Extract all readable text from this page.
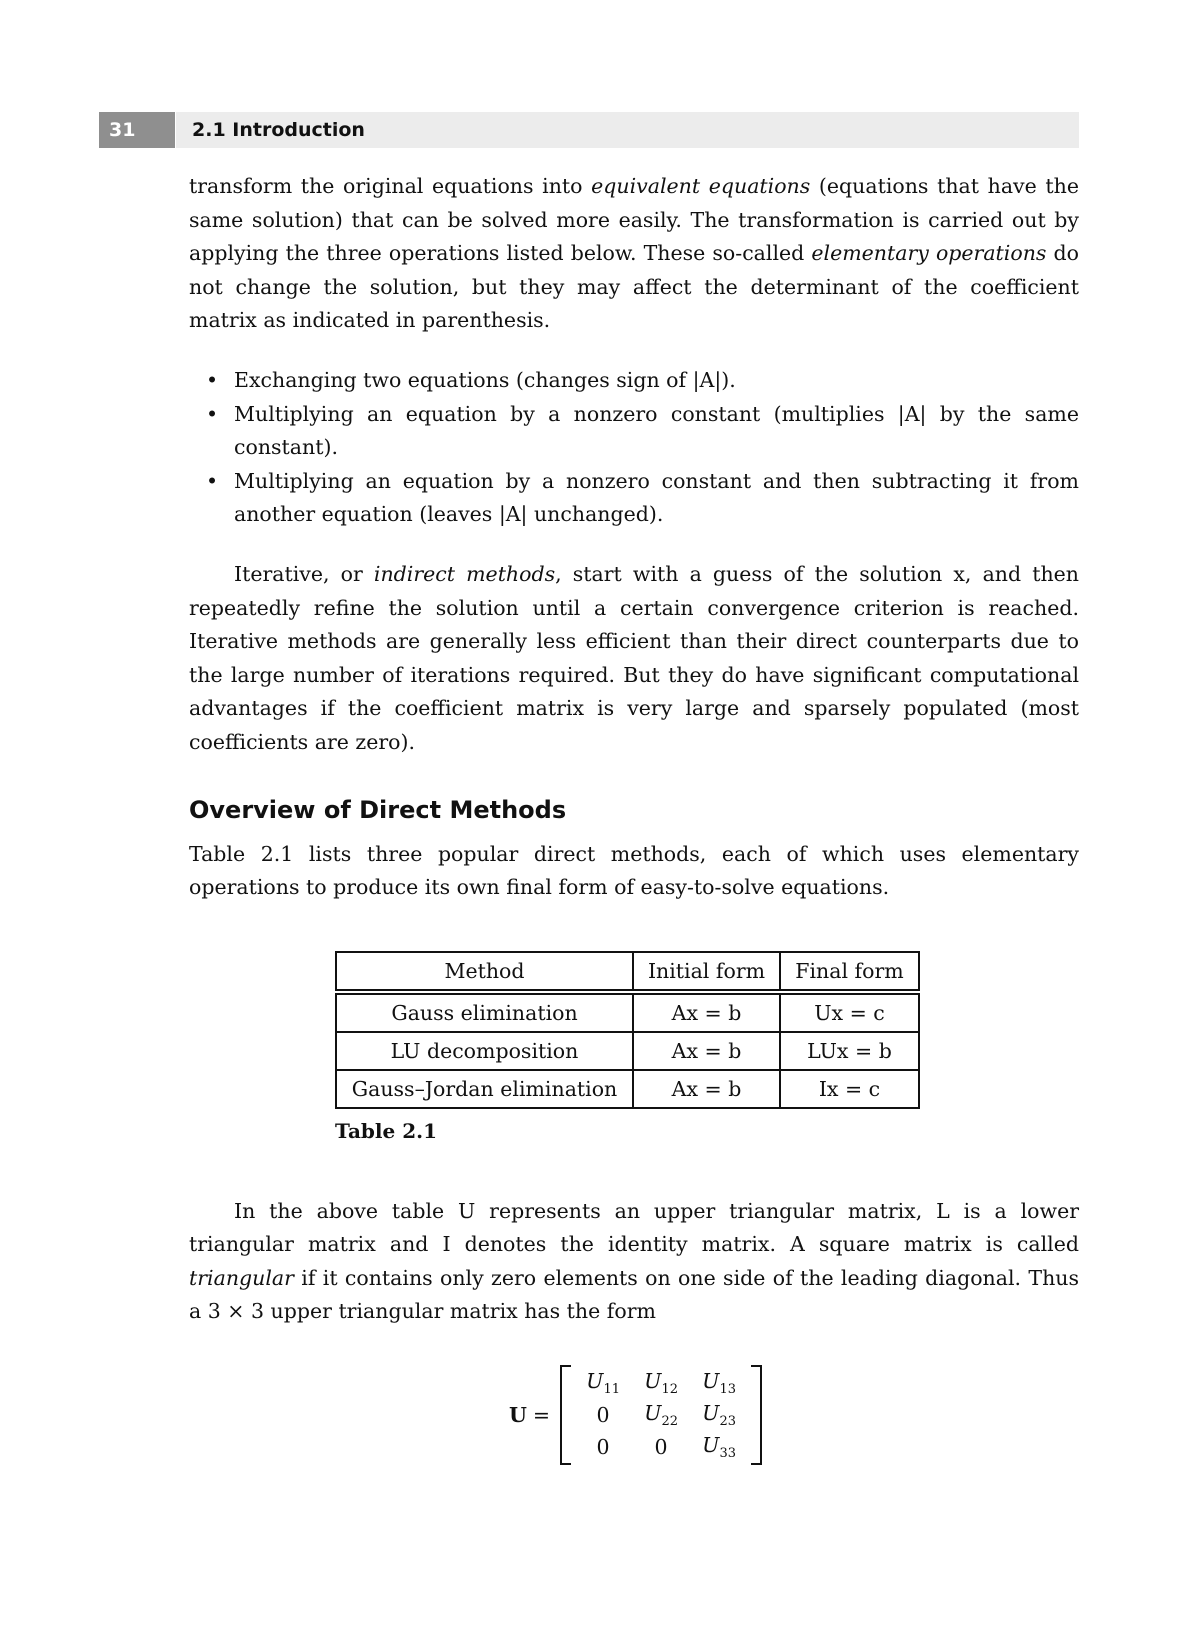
31	2.1 Introduction

transform the original equations into equivalent equations (equations that have the same solution) that can be solved more easily. The transformation is carried out by applying the three operations listed below. These so-called elementary operations do not change the solution, but they may affect the determinant of the coefficient matrix as indicated in parenthesis.

• Exchanging two equations (changes sign of |A|).
• Multiplying an equation by a nonzero constant (multiplies |A| by the same constant).
• Multiplying an equation by a nonzero constant and then subtracting it from another equation (leaves |A| unchanged).

Iterative, or indirect methods, start with a guess of the solution x, and then repeatedly refine the solution until a certain convergence criterion is reached. Iterative methods are generally less efficient than their direct counterparts due to the large number of iterations required. But they do have significant computational advantages if the coefficient matrix is very large and sparsely populated (most coefficients are zero).

Overview of Direct Methods

Table 2.1 lists three popular direct methods, each of which uses elementary operations to produce its own final form of easy-to-solve equations.

Method	Initial form	Final form
Gauss elimination	Ax = b	Ux = c
LU decomposition	Ax = b	LUx = b
Gauss–Jordan elimination	Ax = b	Ix = c
Table 2.1

In the above table U represents an upper triangular matrix, L is a lower triangular matrix and I denotes the identity matrix. A square matrix is called triangular if it contains only zero elements on one side of the leading diagonal. Thus a 3 × 3 upper triangular matrix has the form

U =
$U_{11}$	$U_{12}$	$U_{13}$
0	$U_{22}$	$U_{23}$
0	0	$U_{33}$
